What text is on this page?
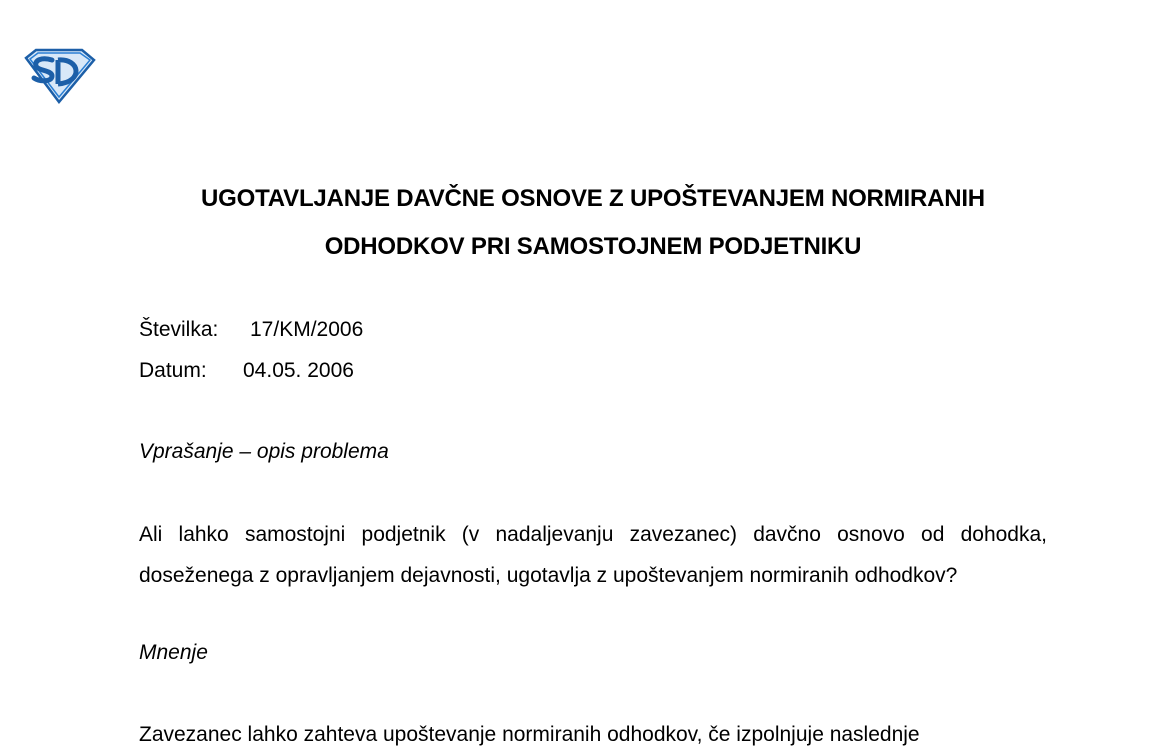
UGOTAVLJANJE DAVČNE OSNOVE Z UPOŠTEVANJEM NORMIRANIH
ODHODKOV PRI SAMOSTOJNEM PODJETNIKU
Številka: 17/KM/2006
Datum: 04.05. 2006
Vprašanje – opis problema
Ali lahko samostojni podjetnik (v nadaljevanju zavezanec) davčno osnovo od dohodka, doseženega z opravljanjem dejavnosti, ugotavlja z upoštevanjem normiranih odhodkov?
Mnenje
Zavezanec lahko zahteva upoštevanje normiranih odhodkov, če izpolnjuje naslednje
